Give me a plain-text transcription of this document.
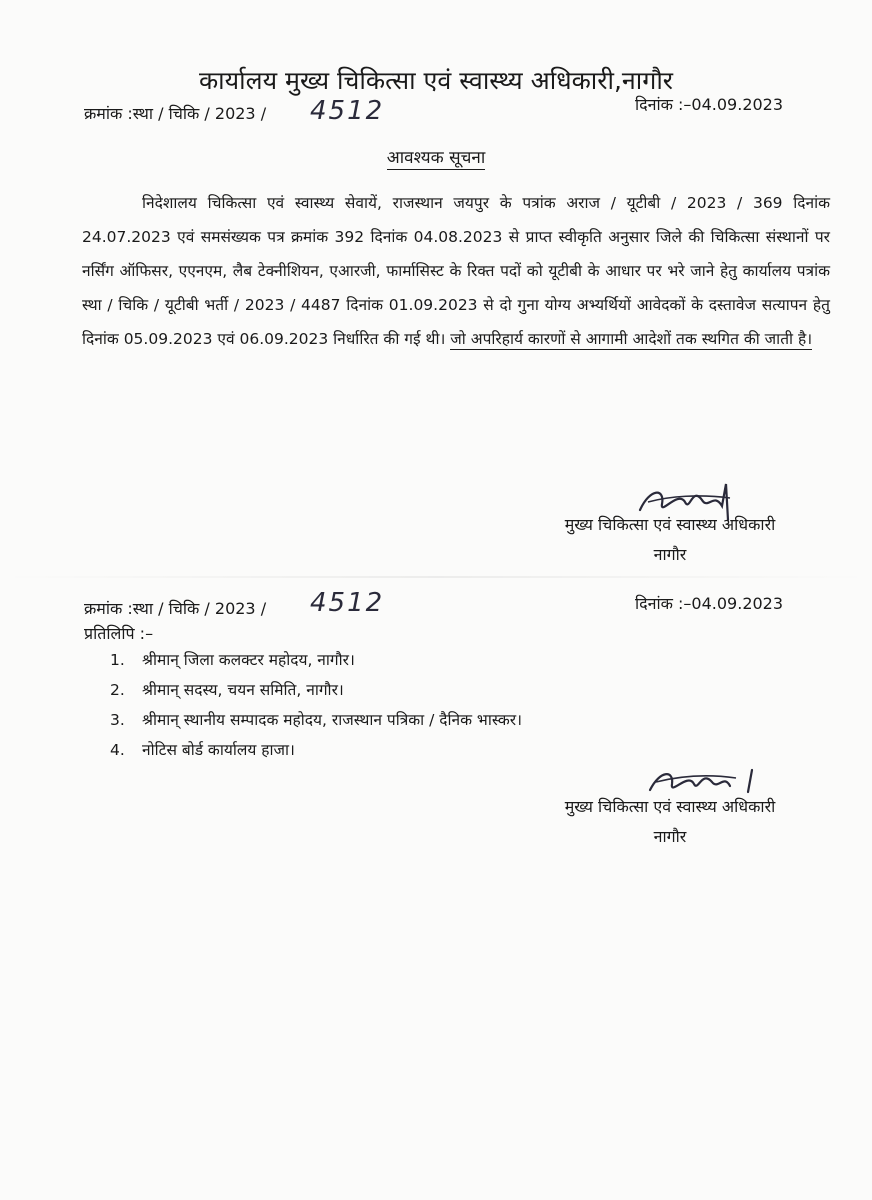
कार्यालय मुख्य चिकित्सा एवं स्वास्थ्य अधिकारी,नागौर
क्रमांक :स्था / चिकि / 2023 / 4512	दिनांक :–04.09.2023
आवश्यक सूचना
निदेशालय चिकित्सा एवं स्वास्थ्य सेवायें, राजस्थान जयपुर के पत्रांक अराज / यूटीबी / 2023 / 369 दिनांक 24.07.2023 एवं समसंख्यक पत्र क्रमांक 392 दिनांक 04.08.2023 से प्राप्त स्वीकृति अनुसार जिले की चिकित्सा संस्थानों पर नर्सिंग ऑफिसर, एएनएम, लैब टेक्नीशियन, एआरजी, फार्मासिस्ट के रिक्त पदों को यूटीबी के आधार पर भरे जाने हेतु कार्यालय पत्रांक स्था / चिकि / यूटीबी भर्ती / 2023 / 4487 दिनांक 01.09.2023 से दो गुना योग्य अभ्यर्थियों आवेदकों के दस्तावेज सत्यापन हेतु दिनांक 05.09.2023 एवं 06.09.2023 निर्धारित की गई थी। जो अपरिहार्य कारणों से आगामी आदेशों तक स्थगित की जाती है।
मुख्य चिकित्सा एवं स्वास्थ्य अधिकारी
नागौर
क्रमांक :स्था / चिकि / 2023 / 4512	दिनांक :–04.09.2023
प्रतिलिपि :–
1. श्रीमान् जिला कलक्टर महोदय, नागौर।
2. श्रीमान् सदस्य, चयन समिति, नागौर।
3. श्रीमान् स्थानीय सम्पादक महोदय, राजस्थान पत्रिका / दैनिक भास्कर।
4. नोटिस बोर्ड कार्यालय हाजा।
मुख्य चिकित्सा एवं स्वास्थ्य अधिकारी
नागौर
